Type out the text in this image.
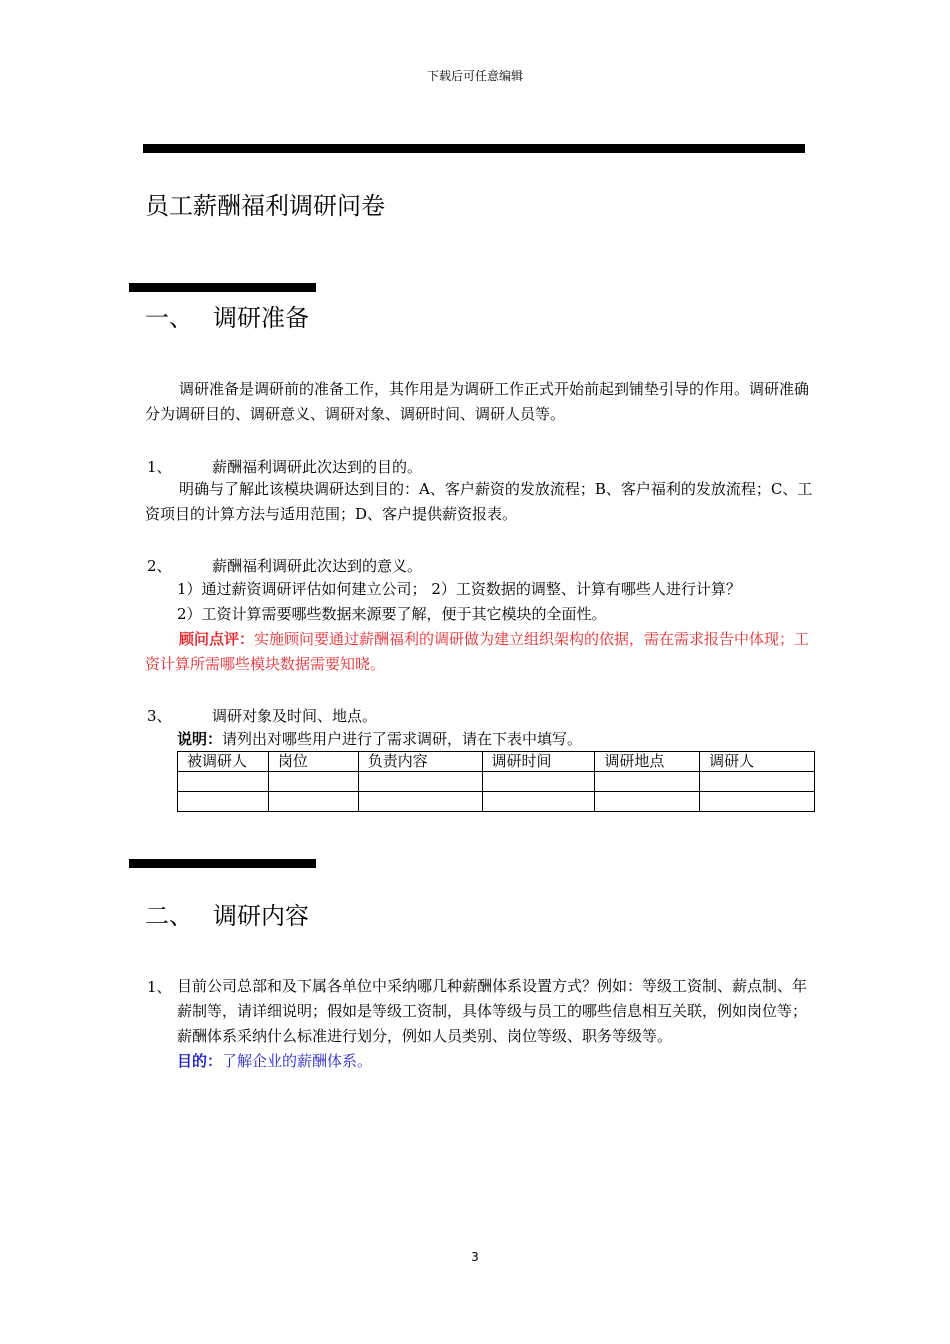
下载后可任意编辑
员工薪酬福利调研问卷
一、 调研准备
调研准备是调研前的准备工作，其作用是为调研工作正式开始前起到铺垫引导的作用。调研准确分为调研目的、调研意义、调研对象、调研时间、调研人员等。
1、	薪酬福利调研此次达到的目的。
明确与了解此该模块调研达到目的：A、客户薪资的发放流程；B、客户福利的发放流程；C、工资项目的计算方法与适用范围；D、客户提供薪资报表。
2、	薪酬福利调研此次达到的意义。
1）通过薪资调研评估如何建立公司； 2）工资数据的调整、计算有哪些人进行计算？
2）工资计算需要哪些数据来源要了解，便于其它模块的全面性。
顾问点评：实施顾问要通过薪酬福利的调研做为建立组织架构的依据，需在需求报告中体现；工资计算所需哪些模块数据需要知晓。
3、	调研对象及时间、地点。
说明：请列出对哪些用户进行了需求调研，请在下表中填写。
被调研人	岗位	负责内容	调研时间	调研地点	调研人

二、 调研内容
1、 目前公司总部和及下属各单位中采纳哪几种薪酬体系设置方式？例如：等级工资制、薪点制、年薪制等，请详细说明；假如是等级工资制，具体等级与员工的哪些信息相互关联，例如岗位等；薪酬体系采纳什么标准进行划分，例如人员类别、岗位等级、职务等级等。
目的：了解企业的薪酬体系。
3
